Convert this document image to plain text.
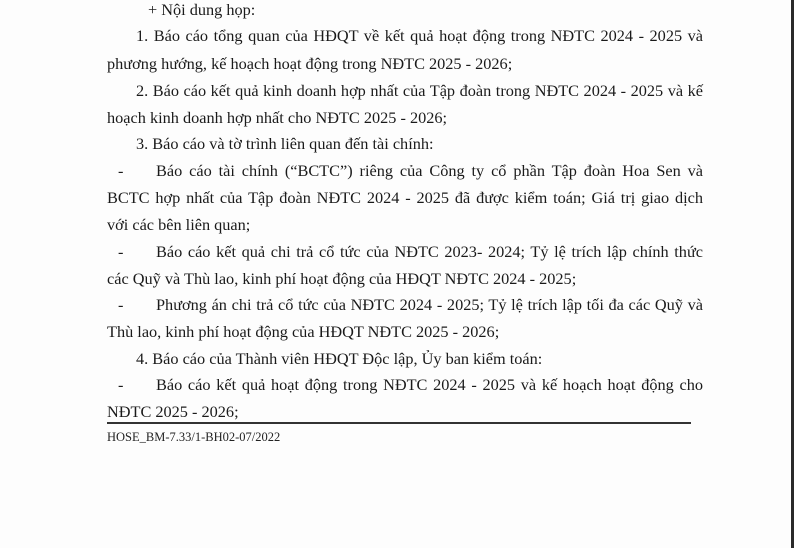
+ Nội dung họp:
1. Báo cáo tổng quan của HĐQT về kết quả hoạt động trong NĐTC 2024 - 2025 và
phương hướng, kế hoạch hoạt động trong NĐTC 2025 - 2026;
2. Báo cáo kết quả kinh doanh hợp nhất của Tập đoàn trong NĐTC 2024 - 2025 và kế
hoạch kinh doanh hợp nhất cho NĐTC 2025 - 2026;
3. Báo cáo và tờ trình liên quan đến tài chính:
-	Báo cáo tài chính (“BCTC”) riêng của Công ty cổ phần Tập đoàn Hoa Sen và
BCTC hợp nhất của Tập đoàn NĐTC 2024 - 2025 đã được kiểm toán; Giá trị giao dịch
với các bên liên quan;
-	Báo cáo kết quả chi trả cổ tức của NĐTC 2023- 2024; Tỷ lệ trích lập chính thức
các Quỹ và Thù lao, kinh phí hoạt động của HĐQT NĐTC 2024 - 2025;
-	Phương án chi trả cổ tức của NĐTC 2024 - 2025; Tỷ lệ trích lập tối đa các Quỹ và
Thù lao, kinh phí hoạt động của HĐQT NĐTC 2025 - 2026;
4. Báo cáo của Thành viên HĐQT Độc lập, Ủy ban kiểm toán:
-	Báo cáo kết quả hoạt động trong NĐTC 2024 - 2025 và kế hoạch hoạt động cho
NĐTC 2025 - 2026;
HOSE_BM-7.33/1-BH02-07/2022
